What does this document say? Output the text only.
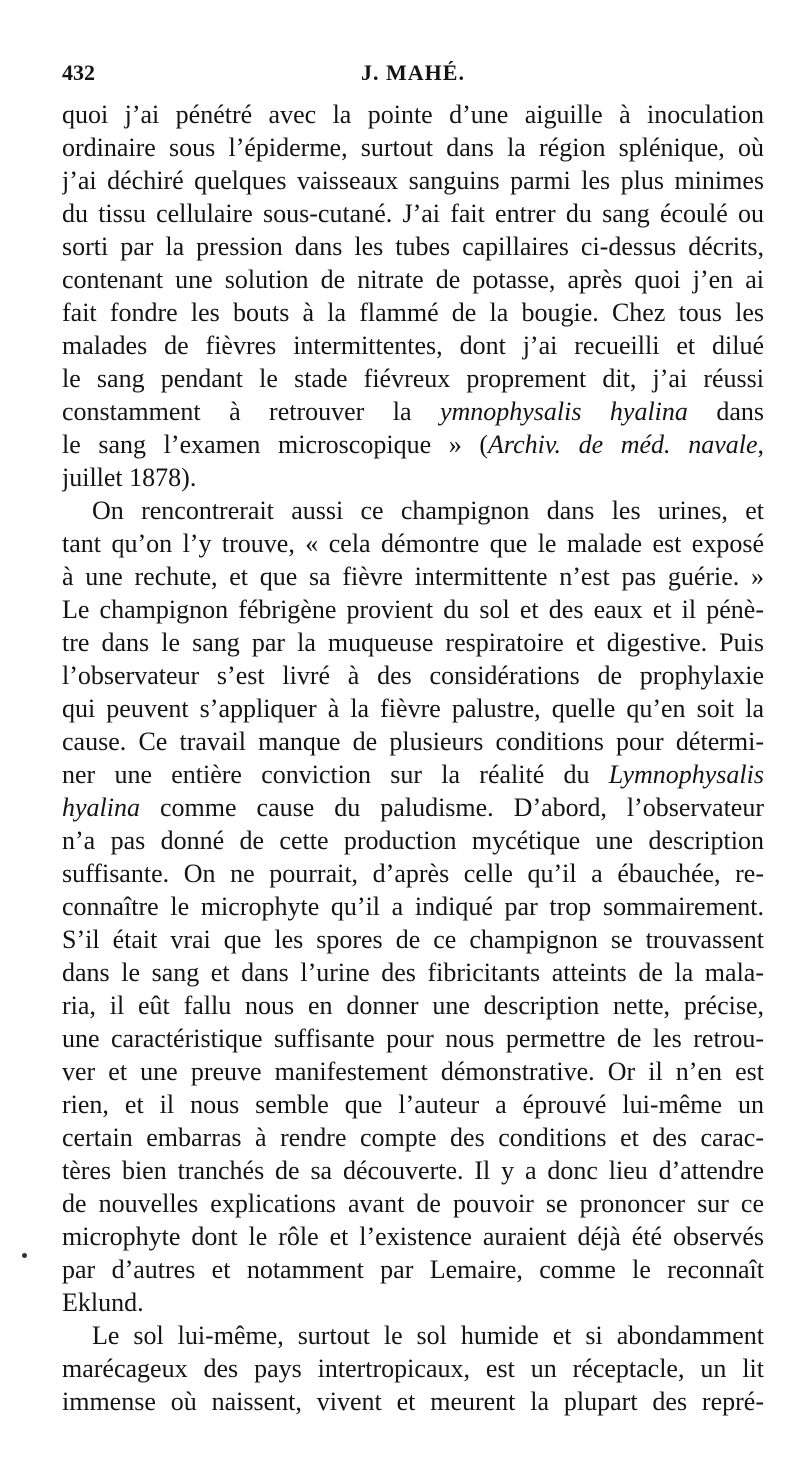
432	J. MAHÉ.
quoi j’ai pénétré avec la pointe d’une aiguille à inoculation
ordinaire sous l’épiderme, surtout dans la région splénique, où
j’ai déchiré quelques vaisseaux sanguins parmi les plus minimes
du tissu cellulaire sous-cutané. J’ai fait entrer du sang écoulé ou
sorti par la pression dans les tubes capillaires ci-dessus décrits,
contenant une solution de nitrate de potasse, après quoi j’en ai
fait fondre les bouts à la flammé de la bougie. Chez tous les
malades de fièvres intermittentes, dont j’ai recueilli et dilué
le sang pendant le stade fiévreux proprement dit, j’ai réussi
constamment à retrouver la ymnophysalis hyalina dans
le sang l’examen microscopique » (Archiv. de méd. navale,
juillet 1878).
On rencontrerait aussi ce champignon dans les urines, et
tant qu’on l’y trouve, « cela démontre que le malade est exposé
à une rechute, et que sa fièvre intermittente n’est pas guérie. »
Le champignon fébrigène provient du sol et des eaux et il pénè-
tre dans le sang par la muqueuse respiratoire et digestive. Puis
l’observateur s’est livré à des considérations de prophylaxie
qui peuvent s’appliquer à la fièvre palustre, quelle qu’en soit la
cause. Ce travail manque de plusieurs conditions pour détermi-
ner une entière conviction sur la réalité du Lymnophysalis
hyalina comme cause du paludisme. D’abord, l’observateur
n’a pas donné de cette production mycétique une description
suffisante. On ne pourrait, d’après celle qu’il a ébauchée, re-
connaître le microphyte qu’il a indiqué par trop sommairement.
S’il était vrai que les spores de ce champignon se trouvassent
dans le sang et dans l’urine des fibricitants atteints de la mala-
ria, il eût fallu nous en donner une description nette, précise,
une caractéristique suffisante pour nous permettre de les retrou-
ver et une preuve manifestement démonstrative. Or il n’en est
rien, et il nous semble que l’auteur a éprouvé lui-même un
certain embarras à rendre compte des conditions et des carac-
tères bien tranchés de sa découverte. Il y a donc lieu d’attendre
de nouvelles explications avant de pouvoir se prononcer sur ce
microphyte dont le rôle et l’existence auraient déjà été observés
par d’autres et notamment par Lemaire, comme le reconnaît
Eklund.
Le sol lui-même, surtout le sol humide et si abondamment
marécageux des pays intertropicaux, est un réceptacle, un lit
immense où naissent, vivent et meurent la plupart des repré-
